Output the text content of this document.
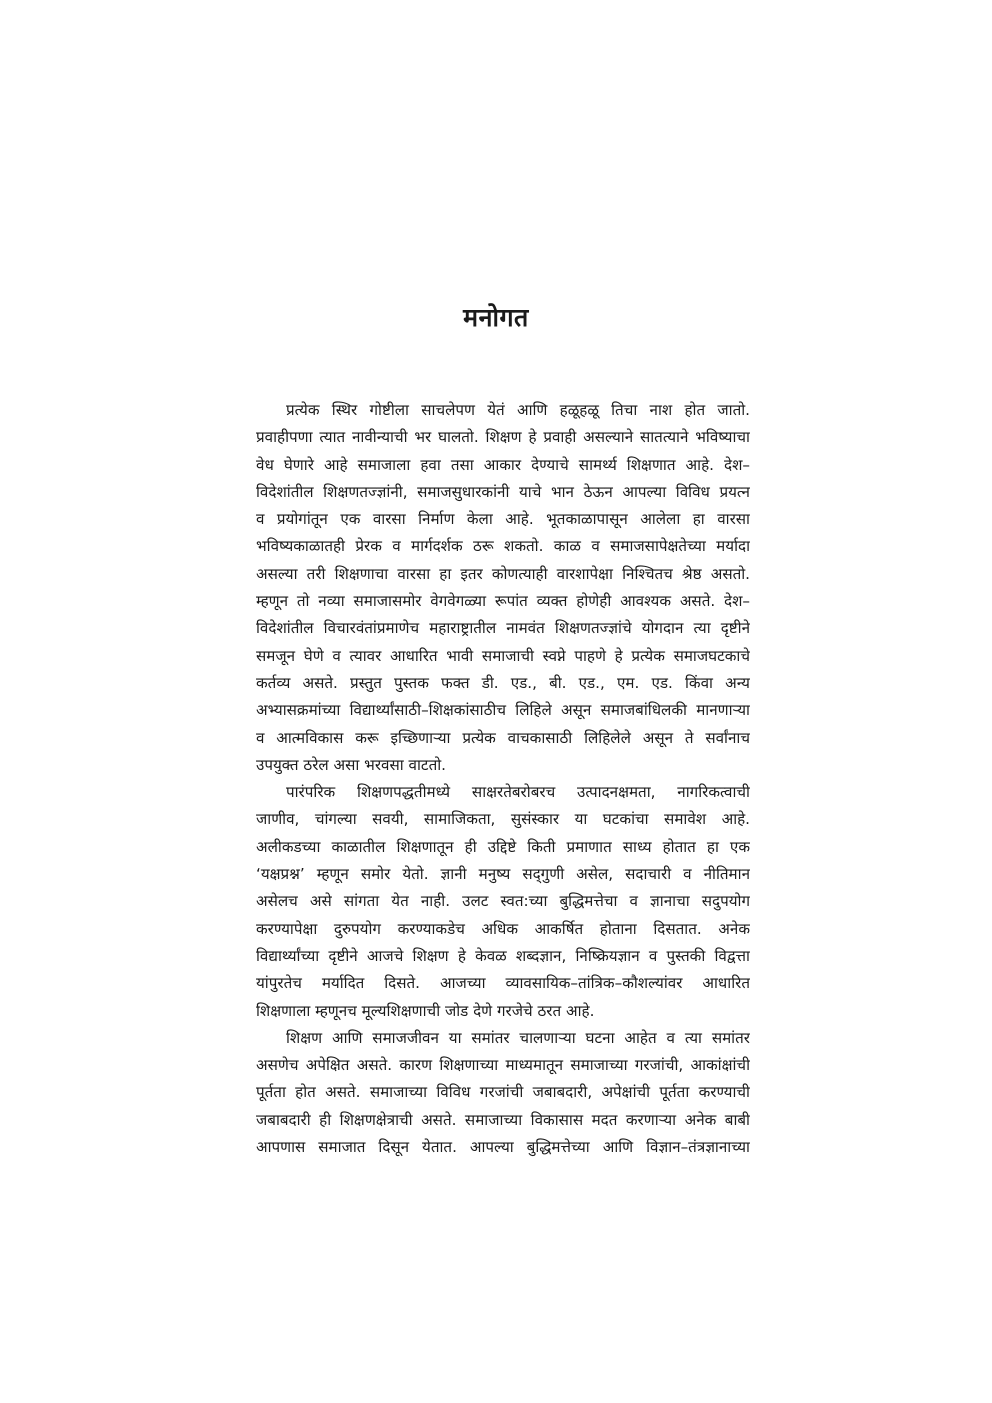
मनोगत
प्रत्येक स्थिर गोष्टीला साचलेपण येतं आणि हळूहळू तिचा नाश होत जातो.
प्रवाहीपणा त्यात नावीन्याची भर घालतो. शिक्षण हे प्रवाही असल्याने सातत्याने भविष्याचा
वेध घेणारे आहे समाजाला हवा तसा आकार देण्याचे सामर्थ्य शिक्षणात आहे. देश–
विदेशांतील शिक्षणतज्ज्ञांनी, समाजसुधारकांनी याचे भान ठेऊन आपल्या विविध प्रयत्न
व प्रयोगांतून एक वारसा निर्माण केला आहे. भूतकाळापासून आलेला हा वारसा
भविष्यकाळातही प्रेरक व मार्गदर्शक ठरू शकतो. काळ व समाजसापेक्षतेच्या मर्यादा
असल्या तरी शिक्षणाचा वारसा हा इतर कोणत्याही वारशापेक्षा निश्चितच श्रेष्ठ असतो.
म्हणून तो नव्या समाजासमोर वेगवेगळ्या रूपांत व्यक्त होणेही आवश्यक असते. देश–
विदेशांतील विचारवंतांप्रमाणेच महाराष्ट्रातील नामवंत शिक्षणतज्ज्ञांचे योगदान त्या दृष्टीने
समजून घेणे व त्यावर आधारित भावी समाजाची स्वप्ने पाहणे हे प्रत्येक समाजघटकाचे
कर्तव्य असते. प्रस्तुत पुस्तक फक्त डी. एड., बी. एड., एम. एड. किंवा अन्य
अभ्यासक्रमांच्या विद्यार्थ्यांसाठी–शिक्षकांसाठीच लिहिले असून समाजबांधिलकी मानणाऱ्या
व आत्मविकास करू इच्छिणाऱ्या प्रत्येक वाचकासाठी लिहिलेले असून ते सर्वांनाच
उपयुक्त ठरेल असा भरवसा वाटतो.
पारंपरिक शिक्षणपद्धतीमध्ये साक्षरतेबरोबरच उत्पादनक्षमता, नागरिकत्वाची
जाणीव, चांगल्या सवयी, सामाजिकता, सुसंस्कार या घटकांचा समावेश आहे.
अलीकडच्या काळातील शिक्षणातून ही उद्दिष्टे किती प्रमाणात साध्य होतात हा एक
‘यक्षप्रश्न’ म्हणून समोर येतो. ज्ञानी मनुष्य सद्‌गुणी असेल, सदाचारी व नीतिमान
असेलच असे सांगता येत नाही. उलट स्वत:च्या बुद्धिमत्तेचा व ज्ञानाचा सदुपयोग
करण्यापेक्षा दुरुपयोग करण्याकडेच अधिक आकर्षित होताना दिसतात. अनेक
विद्यार्थ्यांच्या दृष्टीने आजचे शिक्षण हे केवळ शब्दज्ञान, निष्क्रियज्ञान व पुस्तकी विद्वत्ता
यांपुरतेच मर्यादित दिसते. आजच्या व्यावसायिक–तांत्रिक–कौशल्यांवर आधारित
शिक्षणाला म्हणूनच मूल्यशिक्षणाची जोड देणे गरजेचे ठरत आहे.
शिक्षण आणि समाजजीवन या समांतर चालणाऱ्या घटना आहेत व त्या समांतर
असणेच अपेक्षित असते. कारण शिक्षणाच्या माध्यमातून समाजाच्या गरजांची, आकांक्षांची
पूर्तता होत असते. समाजाच्या विविध गरजांची जबाबदारी, अपेक्षांची पूर्तता करण्याची
जबाबदारी ही शिक्षणक्षेत्राची असते. समाजाच्या विकासास मदत करणाऱ्या अनेक बाबी
आपणास समाजात दिसून येतात. आपल्या बुद्धिमत्तेच्या आणि विज्ञान–तंत्रज्ञानाच्या
